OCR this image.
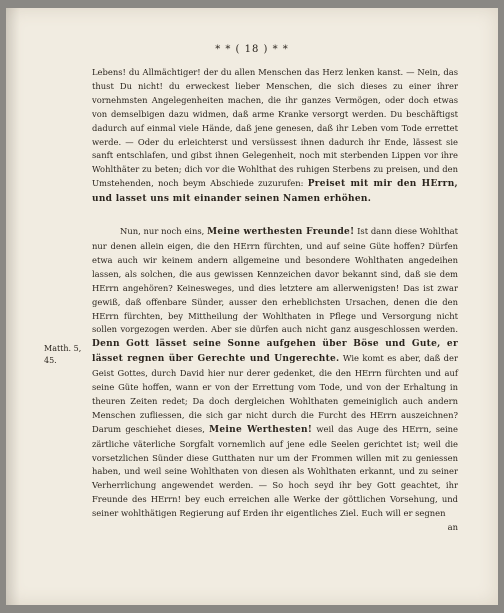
* * ( 18 ) * *
Matth. 5,
45.

Lebens! du Allmächtiger! der du allen Menschen das Herz lenken kanst. — Nein, das thust Du nicht! du erweckest lieber Menschen, die sich dieses zu einer ihrer vornehmsten Angelegenheiten machen, die ihr ganzes Vermögen, oder doch etwas von demselbigen dazu widmen, daß arme Kranke versorgt werden. Du beschäftigst dadurch auf einmal viele Hände, daß jene genesen, daß ihr Leben vom Tode errettet werde. — Oder du erleichterst und versüssest ihnen dadurch ihr Ende, lässest sie sanft entschlafen, und gibst ihnen Gelegenheit, noch mit sterbenden Lippen vor ihre Wohlthäter zu beten; dich vor die Wohlthat des ruhigen Sterbens zu preisen, und den Umstehenden, noch beym Abschiede zuzurufen: Preiset mit mir den HErrn, und lasset uns mit einander seinen Namen erhöhen.

Nun, nur noch eins, Meine werthesten Freunde! Ist dann diese Wohlthat nur denen allein eigen, die den HErrn fürchten, und auf seine Güte hoffen? Dürfen etwa auch wir keinem andern allgemeine und besondere Wohlthaten angedeihen lassen, als solchen, die aus gewissen Kennzeichen davor bekannt sind, daß sie dem HErrn angehören? Keinesweges, und dies letztere am allerwenigsten! Das ist zwar gewiß, daß offenbare Sünder, ausser den erheblichsten Ursachen, denen die den HErrn fürchten, bey Mittheilung der Wohlthaten in Pflege und Versorgung nicht sollen vorgezogen werden. Aber sie dürfen auch nicht ganz ausgeschlossen werden. Denn Gott lässet seine Sonne aufgehen über Böse und Gute, er lässet regnen über Gerechte und Ungerechte. Wie komt es aber, daß der Geist Gottes, durch David hier nur derer gedenket, die den HErrn fürchten und auf seine Güte hoffen, wann er von der Errettung vom Tode, und von der Erhaltung in theuren Zeiten redet; Da doch dergleichen Wohlthaten gemeiniglich auch andern Menschen zufliessen, die sich gar nicht durch die Furcht des HErrn auszeichnen? Darum geschiehet dieses, Meine Werthesten! weil das Auge des HErrn, seine zärtliche väterliche Sorgfalt vornemlich auf jene edle Seelen gerichtet ist; weil die vorsetzlichen Sünder diese Gutthaten nur um der Frommen willen mit zu geniessen haben, und weil seine Wohlthaten von diesen als Wohlthaten erkannt, und zu seiner Verherrlichung angewendet werden. — So hoch seyd ihr bey Gott geachtet, ihr Freunde des HErrn! bey euch erreichen alle Werke der göttlichen Vorsehung, und seiner wohlthätigen Regierung auf Erden ihr eigentliches Ziel. Euch will er segnen

an
